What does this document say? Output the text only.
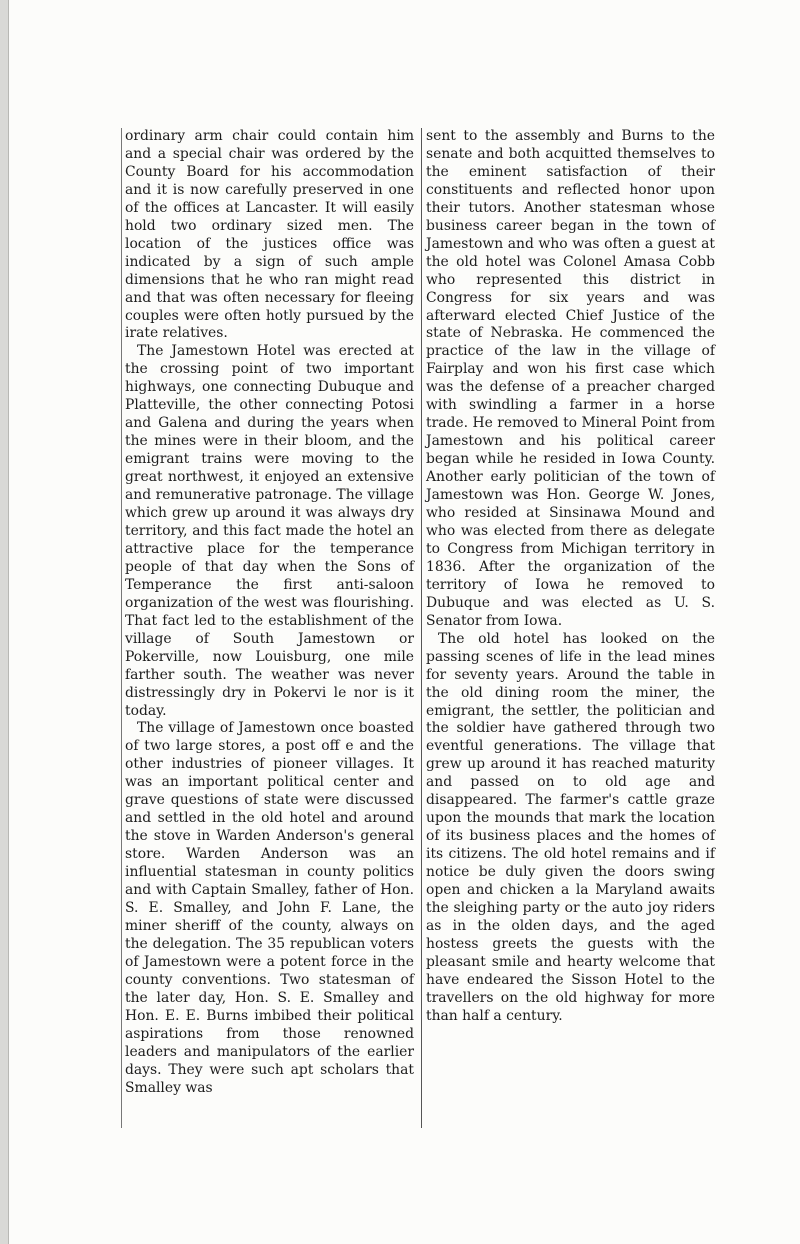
ordinary arm chair could contain him and a special chair was ordered by the County Board for his accommodation and it is now carefully preserved in one of the offices at Lancaster. It will easily hold two ordinary sized men. The location of the justices office was indicated by a sign of such ample dimensions that he who ran might read and that was often necessary for fleeing couples were often hotly pursued by the irate relatives.

The Jamestown Hotel was erected at the crossing point of two important highways, one connecting Dubuque and Platteville, the other connecting Potosi and Galena and during the years when the mines were in their bloom, and the emigrant trains were moving to the great northwest, it enjoyed an extensive and remunerative patronage. The village which grew up around it was always dry territory, and this fact made the hotel an attractive place for the temperance people of that day when the Sons of Temperance the first anti-saloon organization of the west was flourishing. That fact led to the establishment of the village of South Jamestown or Pokerville, now Louisburg, one mile farther south. The weather was never distressingly dry in Pokervi le nor is it today.

The village of Jamestown once boasted of two large stores, a post off e and the other industries of pioneer villages. It was an important political center and grave questions of state were discussed and settled in the old hotel and around the stove in Warden Anderson's general store. Warden Anderson was an influential statesman in county politics and with Captain Smalley, father of Hon. S. E. Smalley, and John F. Lane, the miner sheriff of the county, always on the delegation. The 35 republican voters of Jamestown were a potent force in the county conventions. Two statesman of the later day, Hon. S. E. Smalley and Hon. E. E. Burns imbibed their political aspirations from those renowned leaders and manipulators of the earlier days. They were such apt scholars that Smalley was

sent to the assembly and Burns to the senate and both acquitted themselves to the eminent satisfaction of their constituents and reflected honor upon their tutors. Another statesman whose business career began in the town of Jamestown and who was often a guest at the old hotel was Colonel Amasa Cobb who represented this district in Congress for six years and was afterward elected Chief Justice of the state of Nebraska. He commenced the practice of the law in the village of Fairplay and won his first case which was the defense of a preacher charged with swindling a farmer in a horse trade. He removed to Mineral Point from Jamestown and his political career began while he resided in Iowa County. Another early politician of the town of Jamestown was Hon. George W. Jones, who resided at Sinsinawa Mound and who was elected from there as delegate to Congress from Michigan territory in 1836. After the organization of the territory of Iowa he removed to Dubuque and was elected as U. S. Senator from Iowa.

The old hotel has looked on the passing scenes of life in the lead mines for seventy years. Around the table in the old dining room the miner, the emigrant, the settler, the politician and the soldier have gathered through two eventful generations. The village that grew up around it has reached maturity and passed on to old age and disappeared. The farmer's cattle graze upon the mounds that mark the location of its business places and the homes of its citizens. The old hotel remains and if notice be duly given the doors swing open and chicken a la Maryland awaits the sleighing party or the auto joy riders as in the olden days, and the aged hostess greets the guests with the pleasant smile and hearty welcome that have endeared the Sisson Hotel to the travellers on the old highway for more than half a century.
